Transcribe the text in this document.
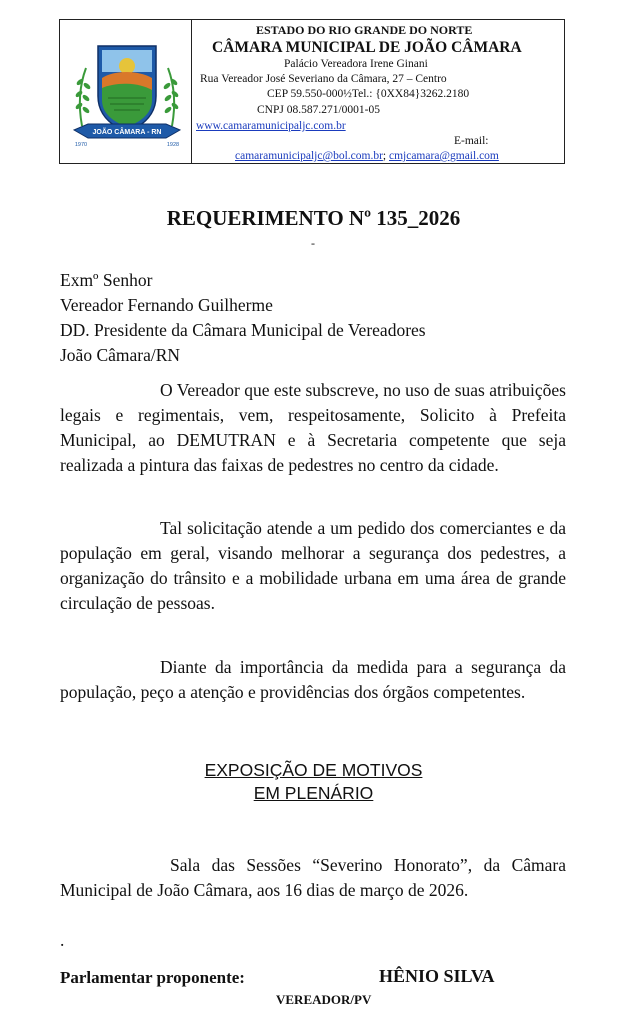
JOÃO CÂMARA - RN
1970	1928
ESTADO DO RIO GRANDE DO NORTE
CÂMARA MUNICIPAL DE JOÃO CÂMARA
Palácio Vereadora Irene Ginani
Rua Vereador José Severiano da Câmara, 27 – Centro
CEP 59.550-000½Tel.: {0XX84}3262.2180
CNPJ 08.587.271/0001-05
www.camaramunicipaljc.com.br
E-mail:
camaramunicipaljc@bol.com.br; cmjcamara@gmail.com
REQUERIMENTO Nº 135_2026
-
Exmº Senhor
Vereador Fernando Guilherme
DD. Presidente da Câmara Municipal de Vereadores
João Câmara/RN
O Vereador que este subscreve, no uso de suas atribuições legais e regimentais, vem, respeitosamente, Solicito à Prefeita Municipal, ao DEMUTRAN e à Secretaria competente que seja realizada a pintura das faixas de pedestres no centro da cidade.
Tal solicitação atende a um pedido dos comerciantes e da população em geral, visando melhorar a segurança dos pedestres, a organização do trânsito e a mobilidade urbana em uma área de grande circulação de pessoas.
Diante da importância da medida para a segurança da população, peço a atenção e providências dos órgãos competentes.
EXPOSIÇÃO DE MOTIVOS
EM PLENÁRIO
Sala das Sessões “Severino Honorato”, da Câmara Municipal de João Câmara, aos 16 dias de março de 2026.
.
Parlamentar proponente:	HÊNIO SILVA
VEREADOR/PV
